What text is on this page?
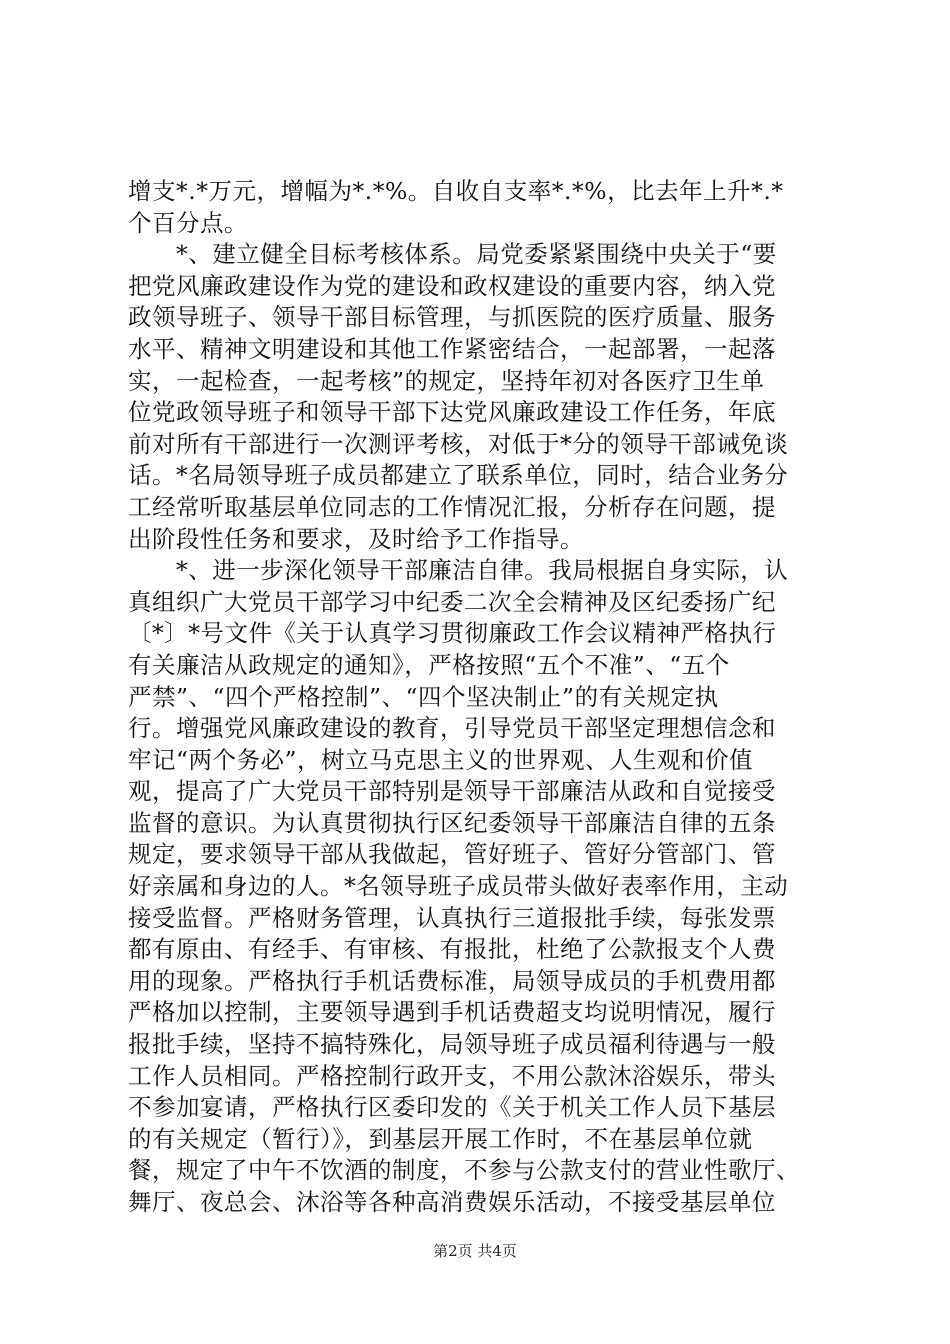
增支*.*万元，增幅为*.*%。自收自支率*.*%，比去年上升*.*
个百分点。
　　*、建立健全目标考核体系。局党委紧紧围绕中央关于“要
把党风廉政建设作为党的建设和政权建设的重要内容，纳入党
政领导班子、领导干部目标管理，与抓医院的医疗质量、服务
水平、精神文明建设和其他工作紧密结合，一起部署，一起落
实，一起检查，一起考核”的规定，坚持年初对各医疗卫生单
位党政领导班子和领导干部下达党风廉政建设工作任务，年底
前对所有干部进行一次测评考核，对低于*分的领导干部诫免谈
话。*名局领导班子成员都建立了联系单位，同时，结合业务分
工经常听取基层单位同志的工作情况汇报，分析存在问题，提
出阶段性任务和要求，及时给予工作指导。
　　*、进一步深化领导干部廉洁自律。我局根据自身实际，认
真组织广大党员干部学习中纪委二次全会精神及区纪委扬广纪
〔*〕*号文件《关于认真学习贯彻廉政工作会议精神严格执行
有关廉洁从政规定的通知》，严格按照“五个不准”、“五个
严禁”、“四个严格控制”、“四个坚决制止”的有关规定执
行。增强党风廉政建设的教育，引导党员干部坚定理想信念和
牢记“两个务必”，树立马克思主义的世界观、人生观和价值
观，提高了广大党员干部特别是领导干部廉洁从政和自觉接受
监督的意识。为认真贯彻执行区纪委领导干部廉洁自律的五条
规定，要求领导干部从我做起，管好班子、管好分管部门、管
好亲属和身边的人。*名领导班子成员带头做好表率作用，主动
接受监督。严格财务管理，认真执行三道报批手续，每张发票
都有原由、有经手、有审核、有报批，杜绝了公款报支个人费
用的现象。严格执行手机话费标准，局领导成员的手机费用都
严格加以控制，主要领导遇到手机话费超支均说明情况，履行
报批手续，坚持不搞特殊化，局领导班子成员福利待遇与一般
工作人员相同。严格控制行政开支，不用公款沐浴娱乐，带头
不参加宴请，严格执行区委印发的《关于机关工作人员下基层
的有关规定（暂行）》，到基层开展工作时，不在基层单位就
餐，规定了中午不饮酒的制度，不参与公款支付的营业性歌厅、
舞厅、夜总会、沐浴等各种高消费娱乐活动，不接受基层单位
第2页 共4页
